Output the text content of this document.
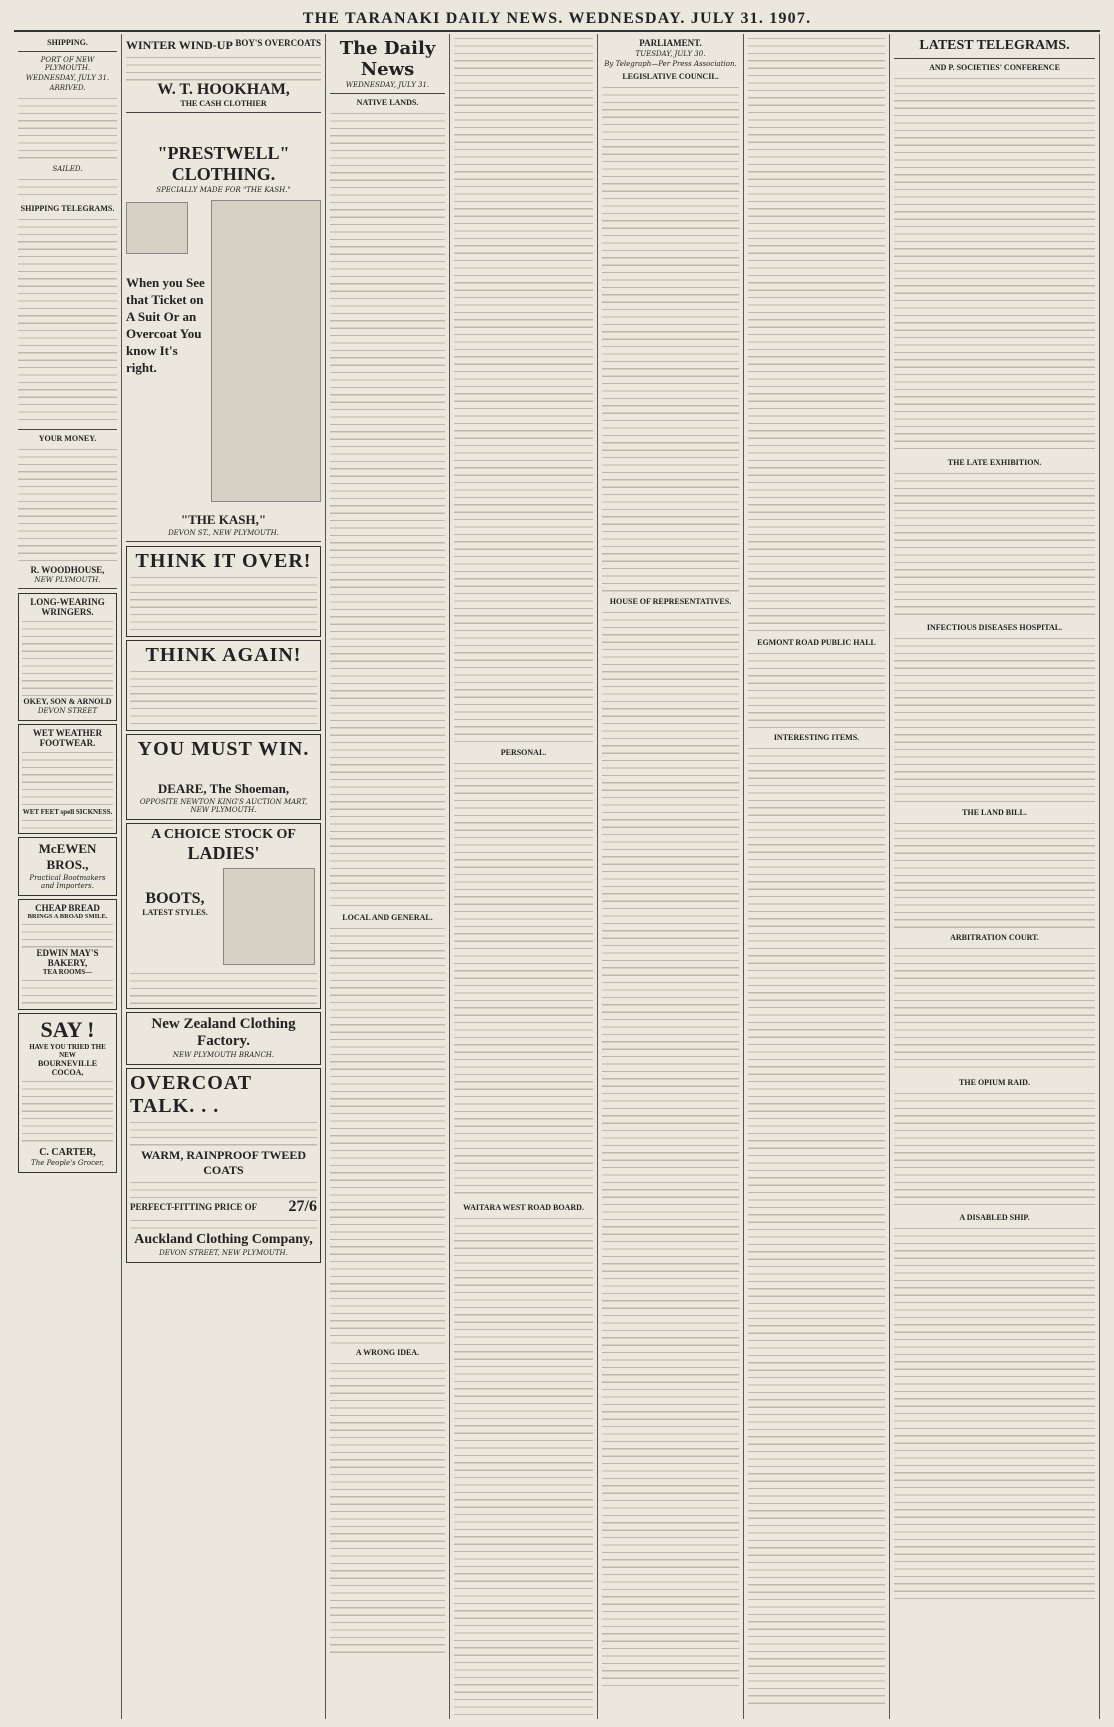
THE TARANAKI DAILY NEWS. WEDNESDAY. JULY 31. 1907.
SHIPPING.
PORT OF NEW PLYMOUTH.
WEDNESDAY, JULY 31.
ARRIVED.
SAILED.
SHIPPING TELEGRAMS.
YOUR MONEY.
R. WOODHOUSE,
NEW PLYMOUTH.
LONG-WEARING WRINGERS.
OKEY, SON & ARNOLD
DEVON STREET
WET WEATHER FOOTWEAR.
WET FEET spell SICKNESS.
McEWEN BROS.,
Practical Bootmakers and Importers.
CHEAP BREAD
BRINGS A BROAD SMILE.
EDWIN MAY'S BAKERY,
TEA ROOMS—
SAY !
HAVE YOU TRIED THE NEW
BOURNEVILLE COCOA,
C. CARTER,
The People's Grocer,
WINTER WIND-UP BOY'S OVERCOATS
W. T. HOOKHAM,
THE CASH CLOTHIER
"PRESTWELL" CLOTHING.
SPECIALLY MADE FOR "THE KASH."
When you See that Ticket on A Suit Or an Overcoat You know It's right.
"THE KASH,"
DEVON ST., NEW PLYMOUTH.
THINK IT OVER!
THINK AGAIN!
YOU MUST WIN.
DEARE, The Shoeman,
OPPOSITE NEWTON KING'S AUCTION MART, NEW PLYMOUTH.
A CHOICE STOCK OF
LADIES'
BOOTS,
LATEST STYLES.
New Zealand Clothing Factory.
NEW PLYMOUTH BRANCH.
OVERCOAT TALK. . .
WARM, RAINPROOF TWEED COATS
PERFECT-FITTING PRICE OF 27/6
Auckland Clothing Company,
DEVON STREET, NEW PLYMOUTH.
The Daily News
WEDNESDAY, JULY 31.
NATIVE LANDS.
LOCAL AND GENERAL.
A WRONG IDEA.
PERSONAL.
WAITARA WEST ROAD BOARD.
PARLIAMENT.
TUESDAY, JULY 30.
By Telegraph—Per Press Association.
LEGISLATIVE COUNCIL.
HOUSE OF REPRESENTATIVES.
EGMONT ROAD PUBLIC HALL
INTERESTING ITEMS.
LATEST TELEGRAMS.
AND P. SOCIETIES' CONFERENCE
THE LATE EXHIBITION.
INFECTIOUS DISEASES HOSPITAL.
THE LAND BILL.
ARBITRATION COURT.
THE OPIUM RAID.
A DISABLED SHIP.
